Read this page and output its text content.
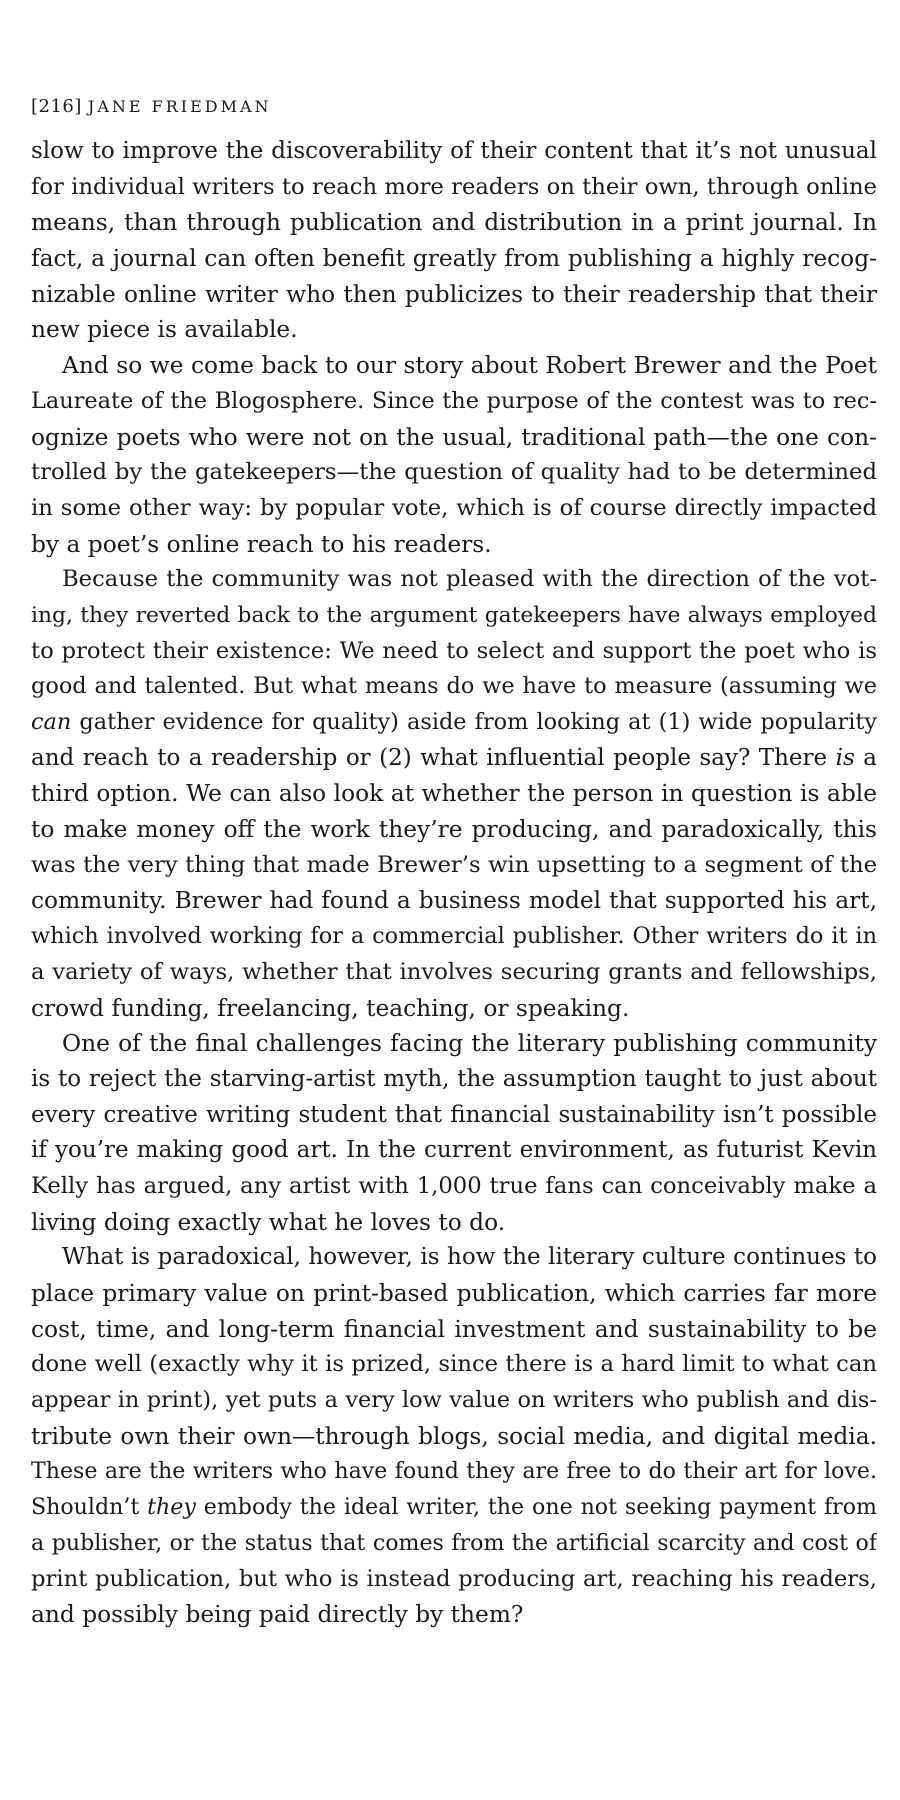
[216] JANE FRIEDMAN
slow to improve the discoverability of their content that it’s not unusual
for individual writers to reach more readers on their own, through online
means, than through publication and distribution in a print journal. In
fact, a journal can often benefit greatly from publishing a highly recog-
nizable online writer who then publicizes to their readership that their
new piece is available.
And so we come back to our story about Robert Brewer and the Poet
Laureate of the Blogosphere. Since the purpose of the contest was to rec-
ognize poets who were not on the usual, traditional path—the one con-
trolled by the gatekeepers—the question of quality had to be determined
in some other way: by popular vote, which is of course directly impacted
by a poet’s online reach to his readers.
Because the community was not pleased with the direction of the vot-
ing, they reverted back to the argument gatekeepers have always employed
to protect their existence: We need to select and support the poet who is
good and talented. But what means do we have to measure (assuming we
can gather evidence for quality) aside from looking at (1) wide popularity
and reach to a readership or (2) what influential people say? There is a
third option. We can also look at whether the person in question is able
to make money off the work they’re producing, and paradoxically, this
was the very thing that made Brewer’s win upsetting to a segment of the
community. Brewer had found a business model that supported his art,
which involved working for a commercial publisher. Other writers do it in
a variety of ways, whether that involves securing grants and fellowships,
crowd funding, freelancing, teaching, or speaking.
One of the final challenges facing the literary publishing community
is to reject the starving-artist myth, the assumption taught to just about
every creative writing student that financial sustainability isn’t possible
if you’re making good art. In the current environment, as futurist Kevin
Kelly has argued, any artist with 1,000 true fans can conceivably make a
living doing exactly what he loves to do.
What is paradoxical, however, is how the literary culture continues to
place primary value on print-based publication, which carries far more
cost, time, and long-term financial investment and sustainability to be
done well (exactly why it is prized, since there is a hard limit to what can
appear in print), yet puts a very low value on writers who publish and dis-
tribute own their own—through blogs, social media, and digital media.
These are the writers who have found they are free to do their art for love.
Shouldn’t they embody the ideal writer, the one not seeking payment from
a publisher, or the status that comes from the artificial scarcity and cost of
print publication, but who is instead producing art, reaching his readers,
and possibly being paid directly by them?
